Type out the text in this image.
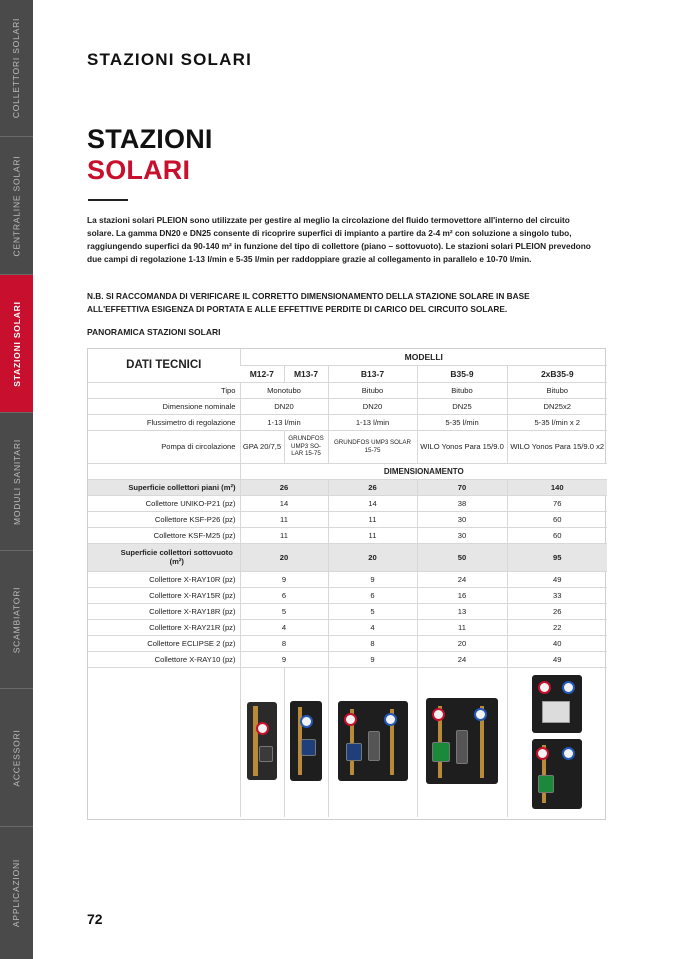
COLLETTORI SOLARI
CENTRALINE SOLARI
STAZIONI SOLARI
MODULI SANITARI
SCAMBIATORI
ACCESSORI
APPLICAZIONI
STAZIONI SOLARI
STAZIONI
SOLARI

La stazioni solari PLEION sono utilizzate per gestire al meglio la circolazione del fluido termovettore all'interno del circuito solare. La gamma DN20 e DN25 consente di ricoprire superfici di impianto a partire da 2-4 m² con soluzione a singolo tubo, raggiungendo superfici da 90-140 m² in funzione del tipo di collettore (piano – sottovuoto). Le stazioni solari PLEION prevedono due campi di regolazione 1-13 l/min e 5-35 l/min per raddoppiare grazie al collegamento in parallelo e 10-70 l/min.

N.B. SI RACCOMANDA DI VERIFICARE IL CORRETTO DIMENSIONAMENTO DELLA STAZIONE SOLARE IN BASE ALL'EFFETTIVA ESIGENZA DI PORTATA E ALLE EFFETTIVE PERDITE DI CARICO DEL CIRCUITO SOLARE.

PANORAMICA STAZIONI SOLARI
DATI TECNICI	MODELLI				
	M12-7	M13-7	B13-7	B35-9	2xB35-9
Tipo	Monotubo		Bitubo	Bitubo	Bitubo
Dimensione nominale	DN20		DN20	DN25	DN25x2
Flussimetro di regolazione	1-13 l/min		1-13 l/min	5-35 l/min	5-35 l/min x 2
Pompa di circolazione	GPA 20/7,5	GRUNDFOS UMP3 SO-LAR 15-75	GRUNDFOS UMP3 SOLAR 15-75	WILO Yonos Para 15/9.0	WILO Yonos Para 15/9.0 x2
	DIMENSIONAMENTO				
Superficie collettori piani (m²)	26		26	70	140
Collettore UNIKO-P21 (pz)	14		14	38	76
Collettore KSF-P26 (pz)	11		11	30	60
Collettore KSF-M25 (pz)	11		11	30	60
Superficie collettori sottovuoto (m²)	20		20	50	95
Collettore X-RAY10R (pz)	9		9	24	49
Collettore X-RAY15R (pz)	6		6	16	33
Collettore X-RAY18R (pz)	5		5	13	26
Collettore X-RAY21R (pz)	4		4	11	22
Collettore ECLIPSE 2 (pz)	8		8	20	40
Collettore X-RAY10 (pz)	9		9	24	49

72
